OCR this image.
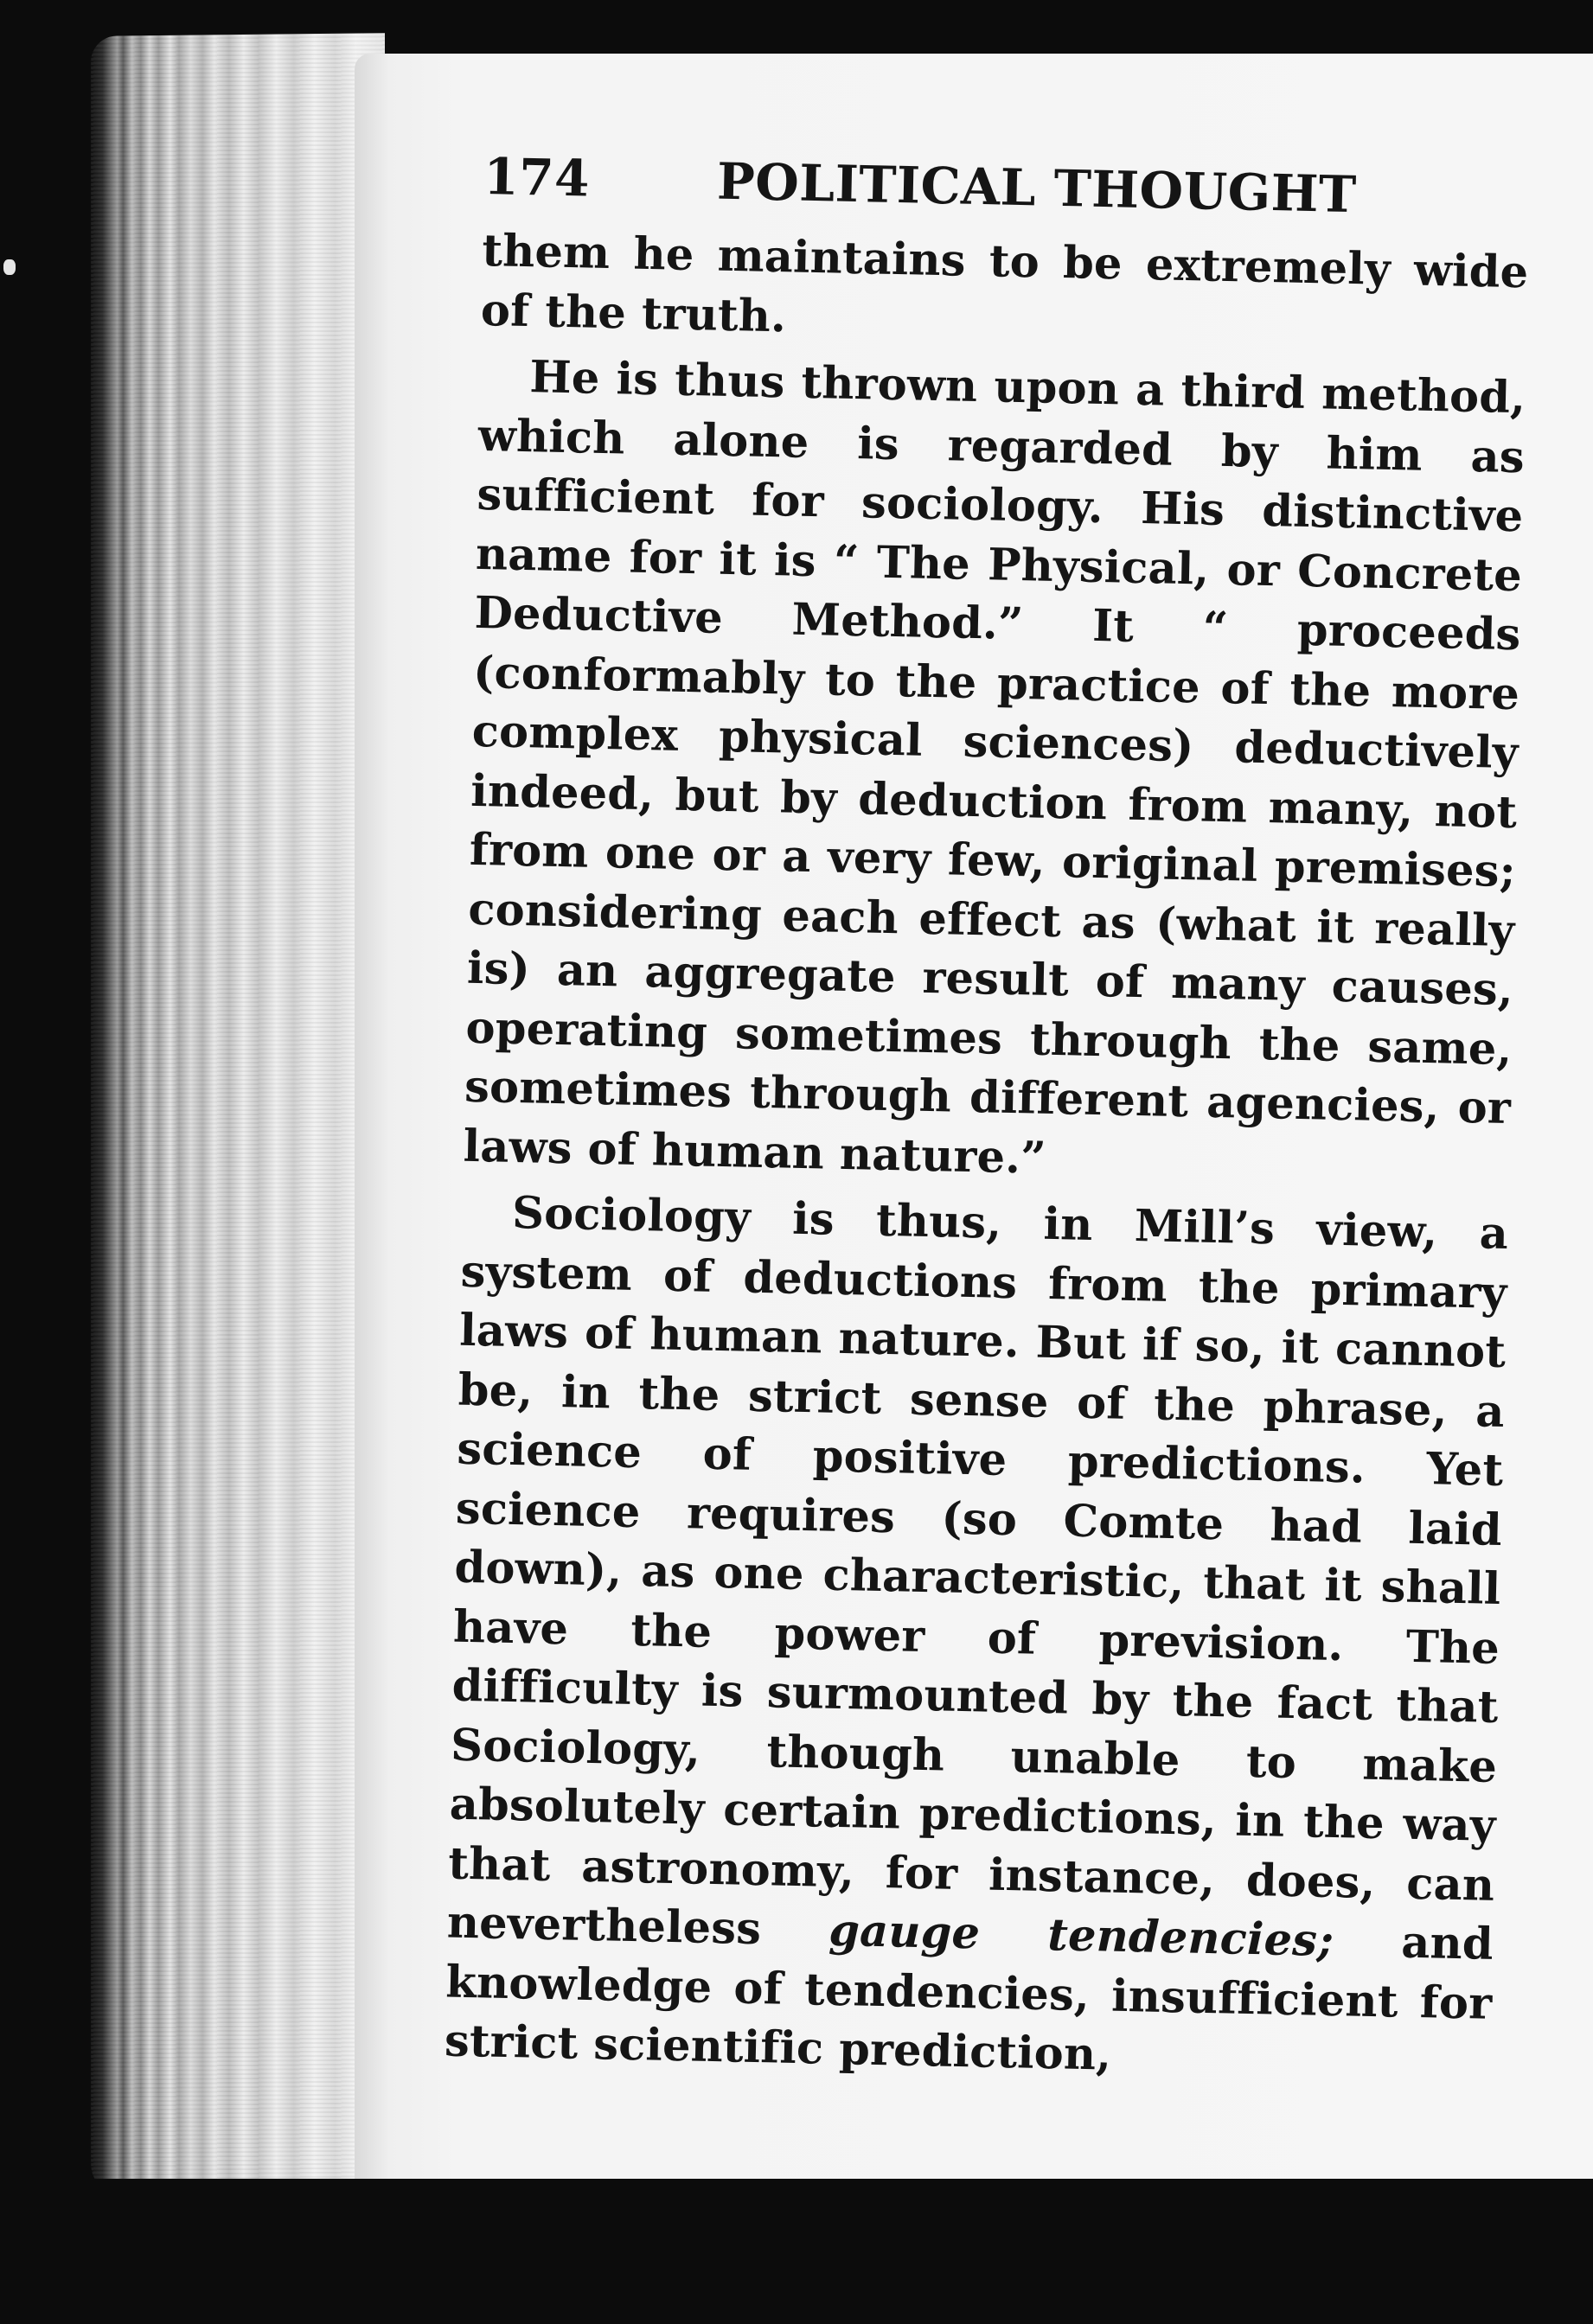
174	POLITICAL THOUGHT

them he maintains to be extremely wide of the truth.

He is thus thrown upon a third method, which alone is regarded by him as sufficient for sociology. His distinctive name for it is “ The Physical, or Concrete Deductive Method.” It “ proceeds (conformably to the practice of the more complex physical sciences) deductively indeed, but by deduction from many, not from one or a very few, original premises; considering each effect as (what it really is) an aggregate result of many causes, operating sometimes through the same, sometimes through different agencies, or laws of human nature.”

Sociology is thus, in Mill’s view, a system of deductions from the primary laws of human nature. But if so, it cannot be, in the strict sense of the phrase, a science of positive predictions. Yet science requires (so Comte had laid down), as one characteristic, that it shall have the power of prevision. The difficulty is surmounted by the fact that Sociology, though unable to make absolutely certain predictions, in the way that astronomy, for instance, does, can nevertheless gauge tendencies; and knowledge of tendencies, insufficient for strict scientific prediction,
